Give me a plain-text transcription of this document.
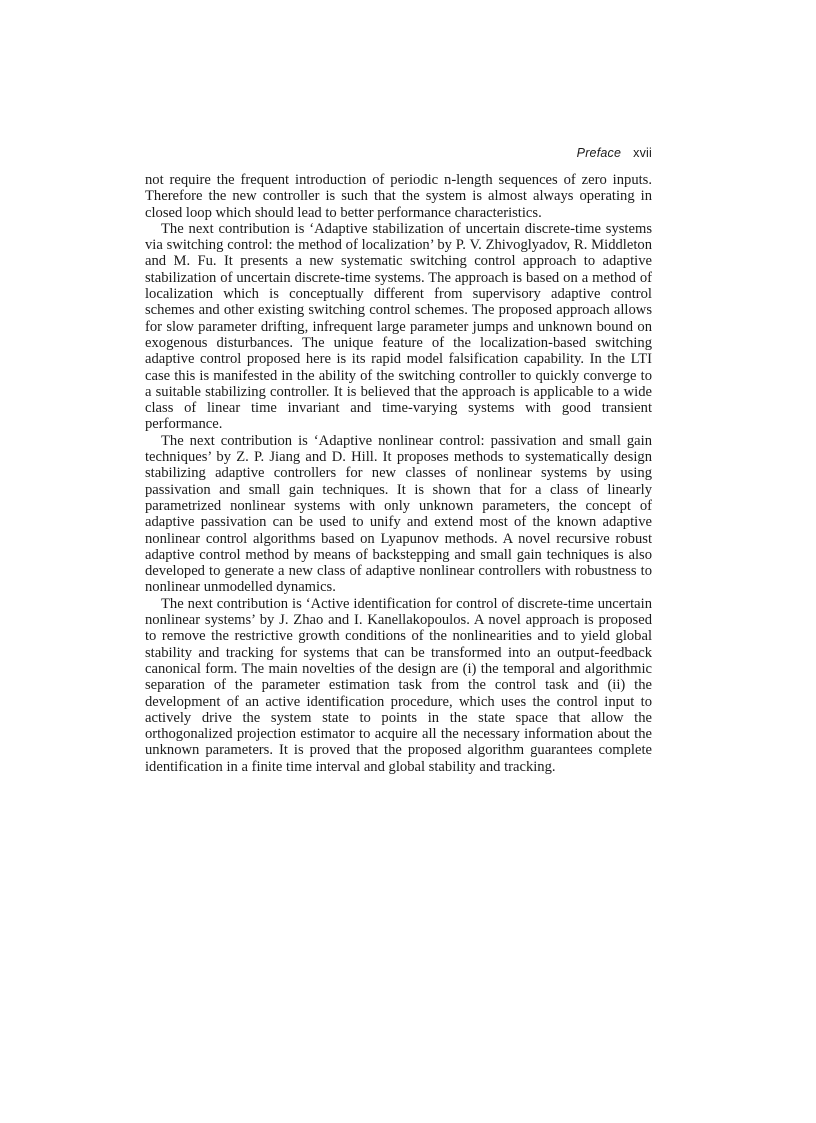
Preface xvii

not require the frequent introduction of periodic n-length sequences of zero inputs. Therefore the new controller is such that the system is almost always operating in closed loop which should lead to better performance characteristics.

The next contribution is ‘Adaptive stabilization of uncertain discrete-time systems via switching control: the method of localization’ by P. V. Zhivoglyadov, R. Middleton and M. Fu. It presents a new systematic switching control approach to adaptive stabilization of uncertain discrete-time systems. The approach is based on a method of localization which is conceptually different from supervisory adaptive control schemes and other existing switching control schemes. The proposed approach allows for slow parameter drifting, infrequent large parameter jumps and unknown bound on exogenous disturbances. The unique feature of the localization-based switching adaptive control proposed here is its rapid model falsification capability. In the LTI case this is manifested in the ability of the switching controller to quickly converge to a suitable stabilizing controller. It is believed that the approach is applicable to a wide class of linear time invariant and time-varying systems with good transient performance.

The next contribution is ‘Adaptive nonlinear control: passivation and small gain techniques’ by Z. P. Jiang and D. Hill. It proposes methods to systematically design stabilizing adaptive controllers for new classes of nonlinear systems by using passivation and small gain techniques. It is shown that for a class of linearly parametrized nonlinear systems with only unknown parameters, the concept of adaptive passivation can be used to unify and extend most of the known adaptive nonlinear control algorithms based on Lyapunov methods. A novel recursive robust adaptive control method by means of backstepping and small gain techniques is also developed to generate a new class of adaptive nonlinear controllers with robustness to nonlinear unmodelled dynamics.

The next contribution is ‘Active identification for control of discrete-time uncertain nonlinear systems’ by J. Zhao and I. Kanellakopoulos. A novel approach is proposed to remove the restrictive growth conditions of the nonlinearities and to yield global stability and tracking for systems that can be transformed into an output-feedback canonical form. The main novelties of the design are (i) the temporal and algorithmic separation of the parameter estimation task from the control task and (ii) the development of an active identification procedure, which uses the control input to actively drive the system state to points in the state space that allow the orthogonalized projection estimator to acquire all the necessary information about the unknown parameters. It is proved that the proposed algorithm guarantees complete identification in a finite time interval and global stability and tracking.
